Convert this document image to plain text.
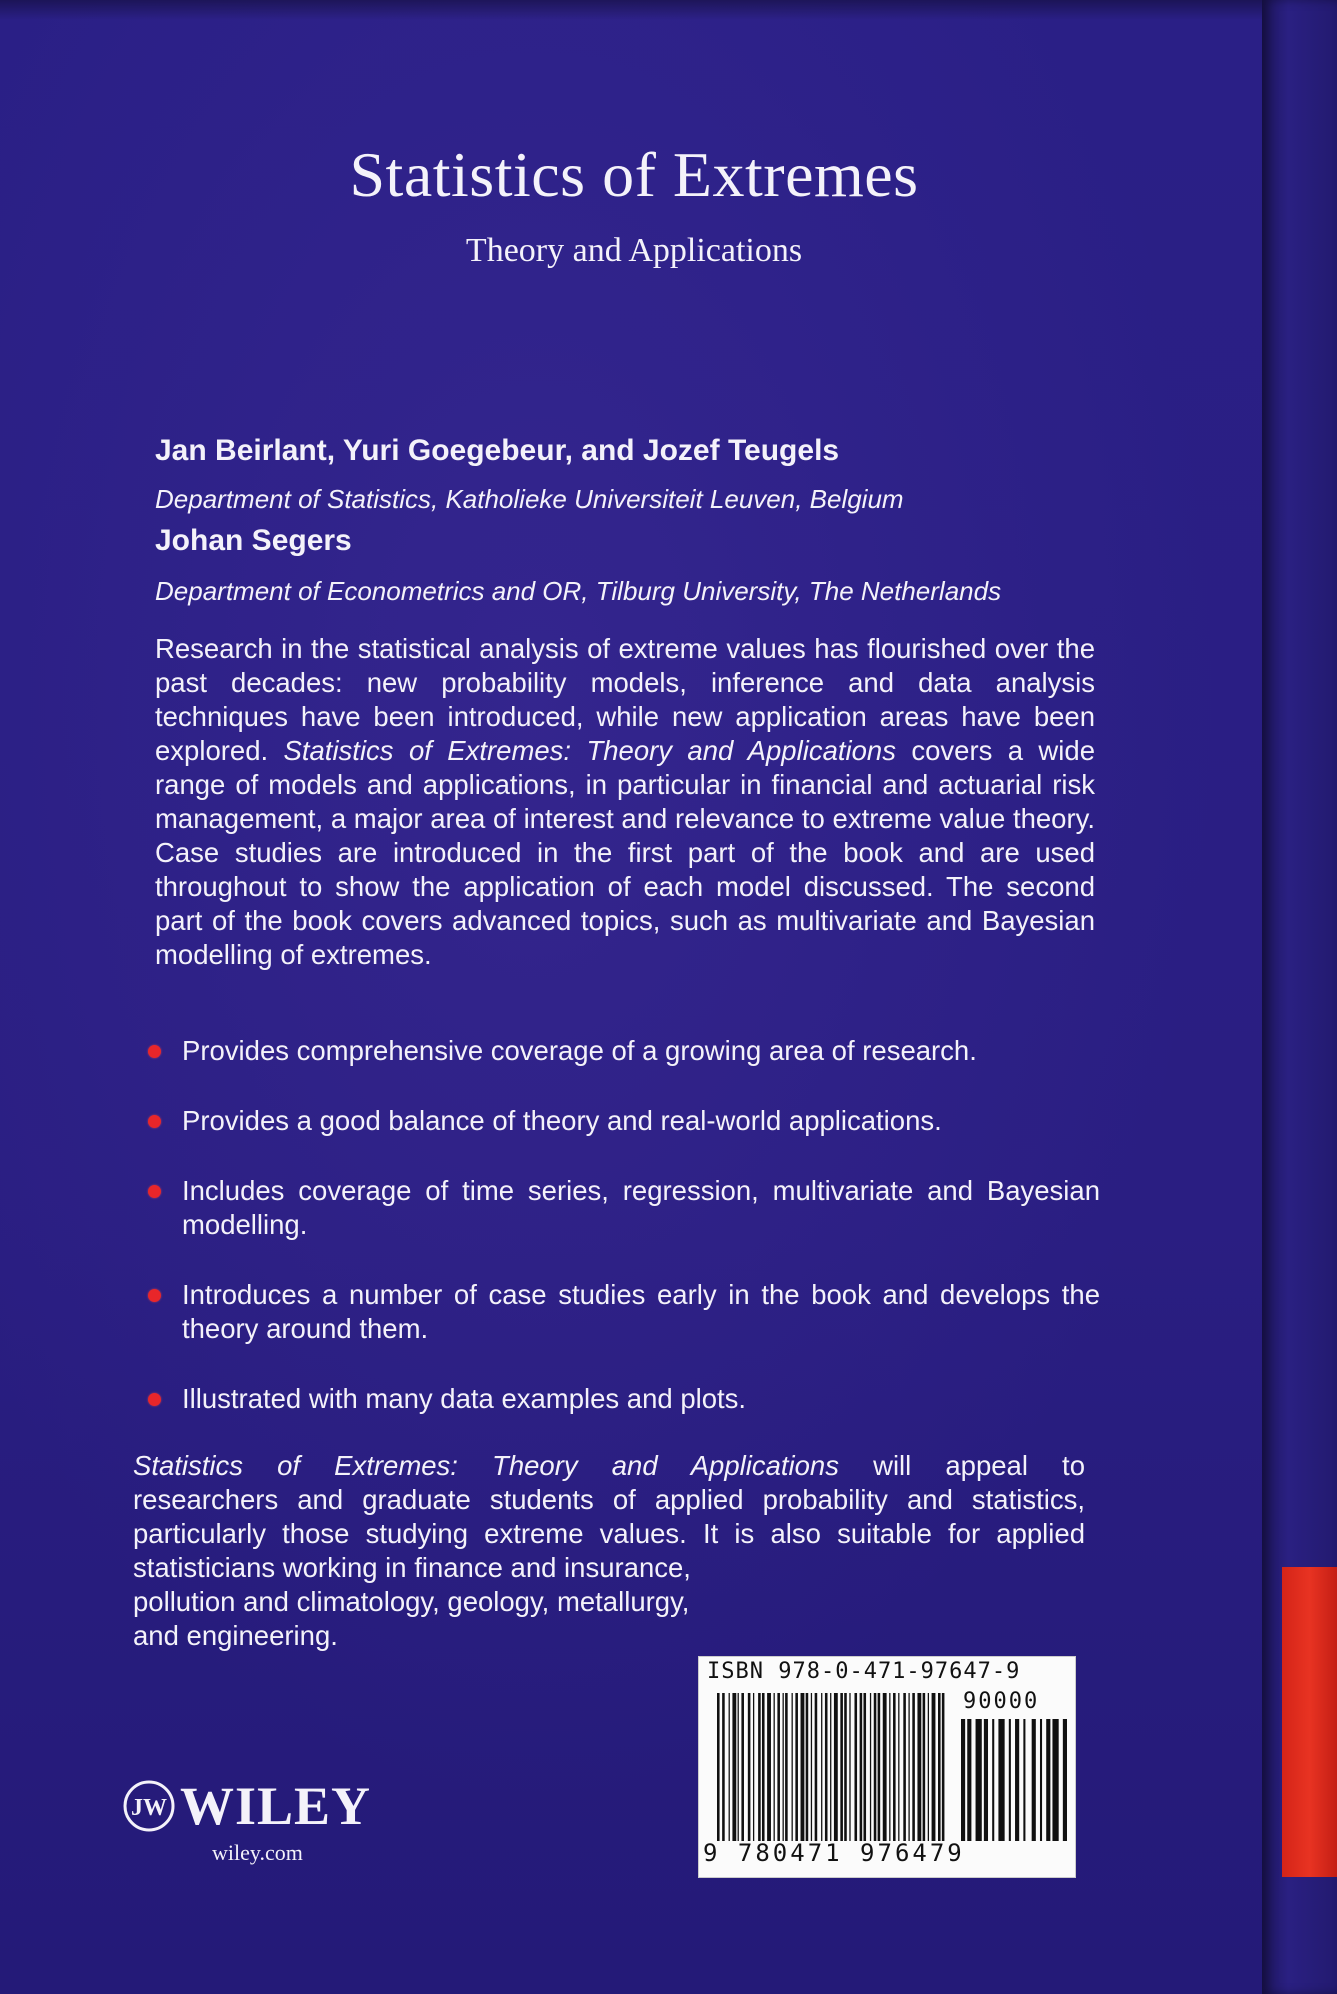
Statistics of Extremes
Theory and Applications
Jan Beirlant, Yuri Goegebeur, and Jozef Teugels
Department of Statistics, Katholieke Universiteit Leuven, Belgium
Johan Segers
Department of Econometrics and OR, Tilburg University, The Netherlands

Research in the statistical analysis of extreme values has flourished over the past decades: new probability models, inference and data analysis techniques have been introduced, while new application areas have been explored. Statistics of Extremes: Theory and Applications covers a wide range of models and applications, in particular in financial and actuarial risk management, a major area of interest and relevance to extreme value theory. Case studies are introduced in the first part of the book and are used throughout to show the application of each model discussed. The second part of the book covers advanced topics, such as multivariate and Bayesian modelling of extremes.

Provides comprehensive coverage of a growing area of research.
Provides a good balance of theory and real-world applications.
Includes coverage of time series, regression, multivariate and Bayesian modelling.
Introduces a number of case studies early in the book and develops the theory around them.
Illustrated with many data examples and plots.

Statistics of Extremes: Theory and Applications will appeal to
researchers and graduate students of applied probability and statistics,
particularly those studying extreme values. It is also suitable for applied
statisticians working in finance and insurance,
pollution and climatology, geology, metallurgy,
and engineering.

ISBN 978-0-471-97647-9
90000
9 780471 976479
JW WILEY
wiley.com
